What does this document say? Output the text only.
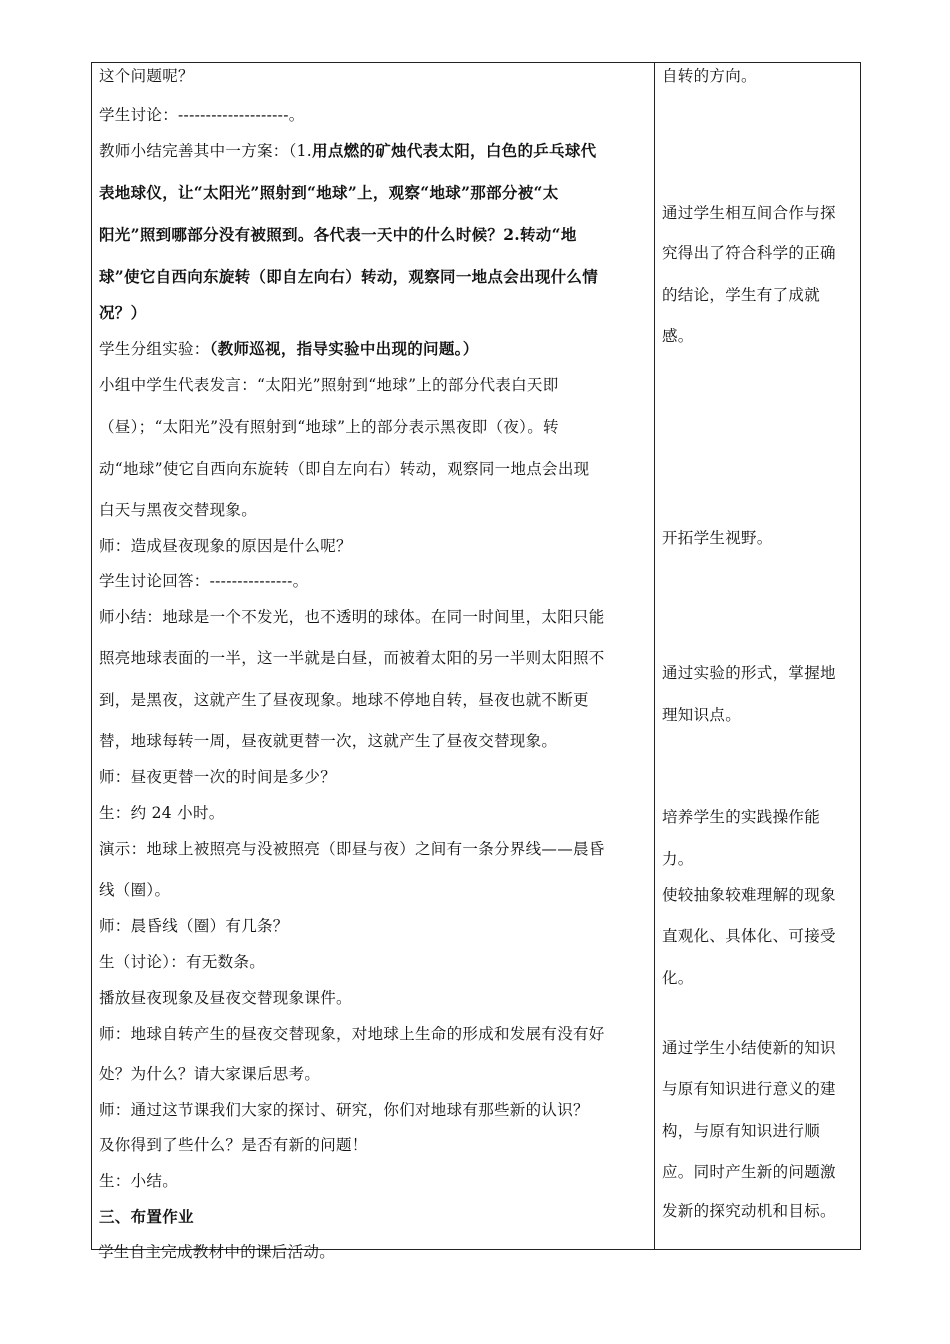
这个问题呢？
学生讨论：--------------------。
教师小结完善其中一方案：（1.用点燃的矿烛代表太阳，白色的乒乓球代
表地球仪，让“太阳光”照射到“地球”上，观察“地球”那部分被“太
阳光”照到哪部分没有被照到。各代表一天中的什么时候？2.转动“地
球”使它自西向东旋转（即自左向右）转动，观察同一地点会出现什么情
况？）
学生分组实验：（教师巡视，指导实验中出现的问题。）
小组中学生代表发言：“太阳光”照射到“地球”上的部分代表白天即
（昼）；“太阳光”没有照射到“地球”上的部分表示黑夜即（夜）。转
动“地球”使它自西向东旋转（即自左向右）转动，观察同一地点会出现
白天与黑夜交替现象。
师：造成昼夜现象的原因是什么呢？
学生讨论回答：---------------。
师小结：地球是一个不发光，也不透明的球体。在同一时间里，太阳只能
照亮地球表面的一半，这一半就是白昼，而被着太阳的另一半则太阳照不
到，是黑夜，这就产生了昼夜现象。地球不停地自转，昼夜也就不断更
替，地球每转一周，昼夜就更替一次，这就产生了昼夜交替现象。
师：昼夜更替一次的时间是多少？
生：约 24 小时。
演示：地球上被照亮与没被照亮（即昼与夜）之间有一条分界线——晨昏
线（圈）。
师：晨昏线（圈）有几条？
生（讨论）：有无数条。
播放昼夜现象及昼夜交替现象课件。
师：地球自转产生的昼夜交替现象，对地球上生命的形成和发展有没有好
处？为什么？请大家课后思考。
师：通过这节课我们大家的探讨、研究，你们对地球有那些新的认识？
及你得到了些什么？是否有新的问题！
生：小结。
三、布置作业
自转的方向。
通过学生相互间合作与探
究得出了符合科学的正确
的结论，学生有了成就
感。
开拓学生视野。
通过实验的形式，掌握地
理知识点。
培养学生的实践操作能
力。
使较抽象较难理解的现象
直观化、具体化、可接受
化。
通过学生小结使新的知识
与原有知识进行意义的建
构，与原有知识进行顺
应。同时产生新的问题激
发新的探究动机和目标。
学生自主完成教材中的课后活动。
